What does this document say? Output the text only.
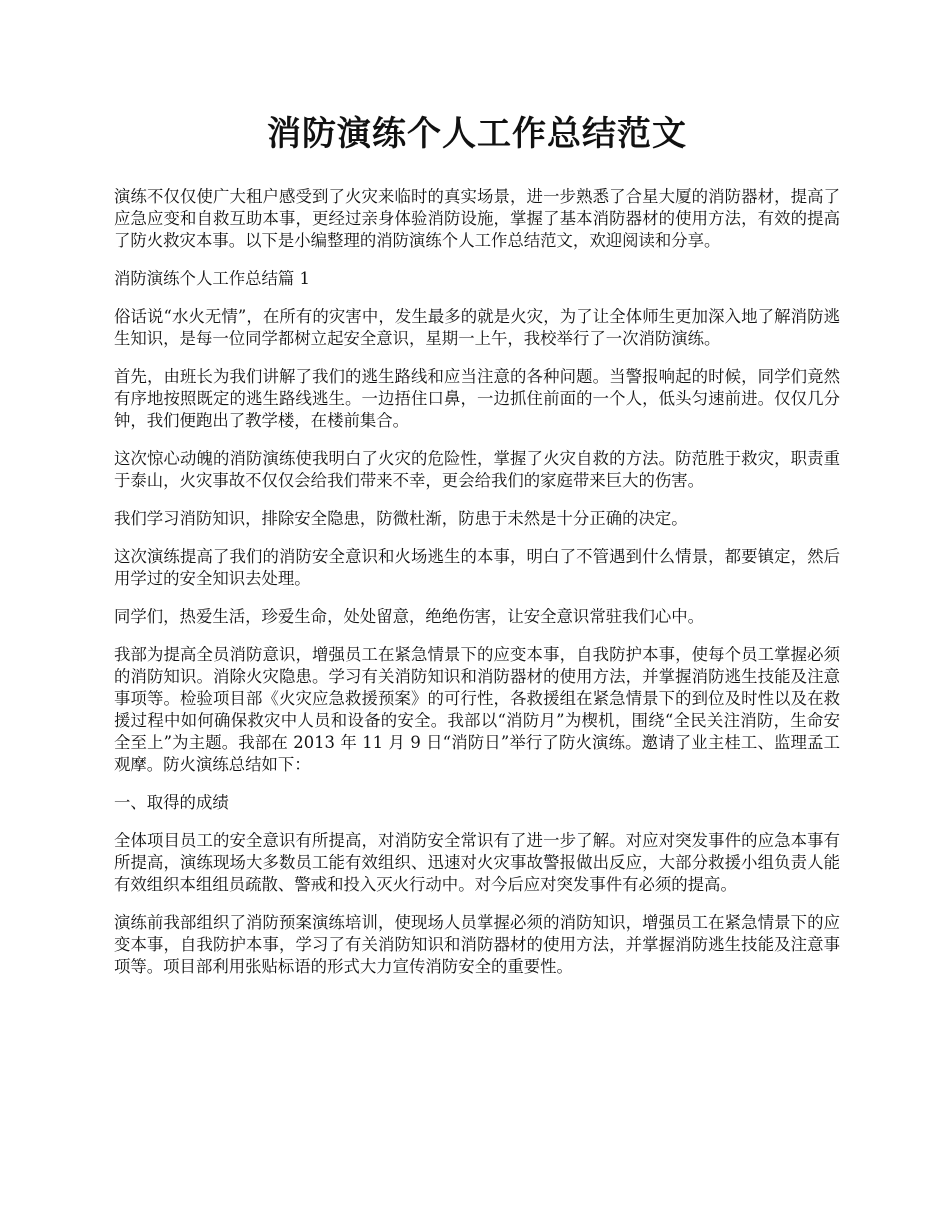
消防演练个人工作总结范文

演练不仅仅使广大租户感受到了火灾来临时的真实场景，进一步熟悉了合星大厦的消防器材，提高了应急应变和自救互助本事，更经过亲身体验消防设施，掌握了基本消防器材的使用方法，有效的提高了防火救灾本事。以下是小编整理的消防演练个人工作总结范文，欢迎阅读和分享。

消防演练个人工作总结篇 1

俗话说“水火无情”，在所有的灾害中，发生最多的就是火灾，为了让全体师生更加深入地了解消防逃生知识，是每一位同学都树立起安全意识，星期一上午，我校举行了一次消防演练。

首先，由班长为我们讲解了我们的逃生路线和应当注意的各种问题。当警报响起的时候，同学们竟然有序地按照既定的逃生路线逃生。一边捂住口鼻，一边抓住前面的一个人，低头匀速前进。仅仅几分钟，我们便跑出了教学楼，在楼前集合。

这次惊心动魄的消防演练使我明白了火灾的危险性，掌握了火灾自救的方法。防范胜于救灾，职责重于泰山，火灾事故不仅仅会给我们带来不幸，更会给我们的家庭带来巨大的伤害。

我们学习消防知识，排除安全隐患，防微杜渐，防患于未然是十分正确的决定。

这次演练提高了我们的消防安全意识和火场逃生的本事，明白了不管遇到什么情景，都要镇定，然后用学过的安全知识去处理。

同学们，热爱生活，珍爱生命，处处留意，绝绝伤害，让安全意识常驻我们心中。

我部为提高全员消防意识，增强员工在紧急情景下的应变本事，自我防护本事，使每个员工掌握必须的消防知识。消除火灾隐患。学习有关消防知识和消防器材的使用方法，并掌握消防逃生技能及注意事项等。检验项目部《火灾应急救援预案》的可行性，各救援组在紧急情景下的到位及时性以及在救援过程中如何确保救灾中人员和设备的安全。我部以“消防月”为楔机，围绕“全民关注消防，生命安全至上”为主题。我部在 2013 年 11 月 9 日“消防日”举行了防火演练。邀请了业主桂工、监理孟工观摩。防火演练总结如下：

一、取得的成绩

全体项目员工的安全意识有所提高，对消防安全常识有了进一步了解。对应对突发事件的应急本事有所提高，演练现场大多数员工能有效组织、迅速对火灾事故警报做出反应，大部分救援小组负责人能有效组织本组组员疏散、警戒和投入灭火行动中。对今后应对突发事件有必须的提高。

演练前我部组织了消防预案演练培训，使现场人员掌握必须的消防知识，增强员工在紧急情景下的应变本事，自我防护本事，学习了有关消防知识和消防器材的使用方法，并掌握消防逃生技能及注意事项等。项目部利用张贴标语的形式大力宣传消防安全的重要性。
